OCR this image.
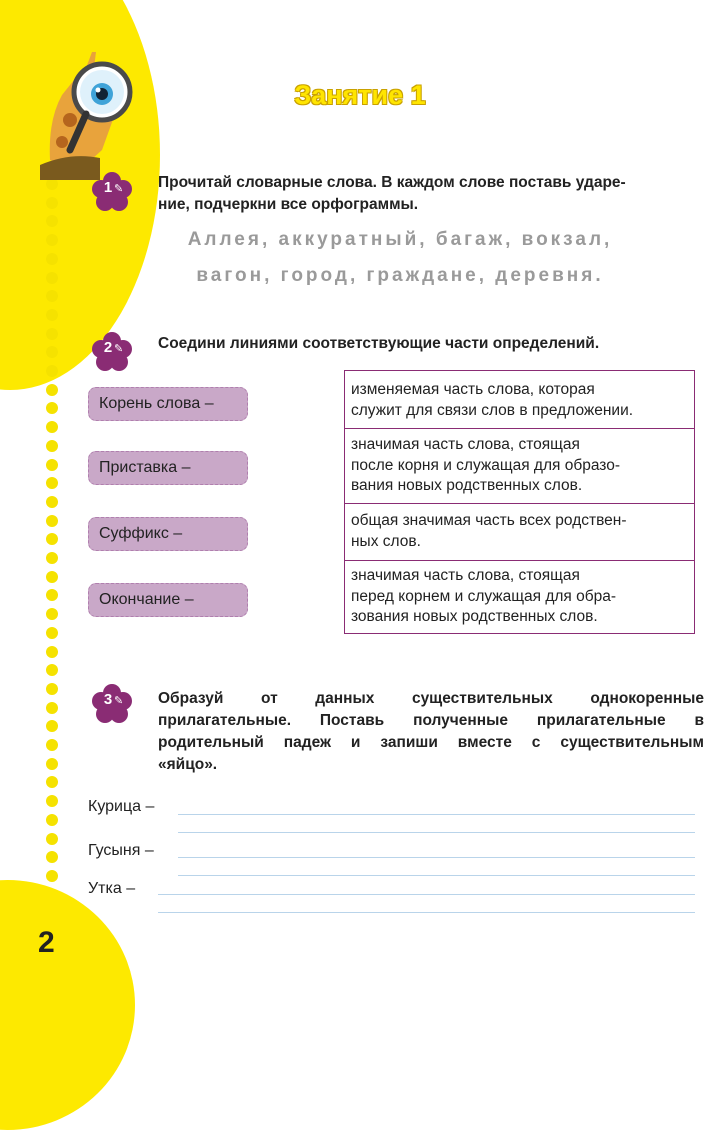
Занятие 1
1 ✎ Прочитай словарные слова. В каждом слове поставь ударе-
ние, подчеркни все орфограммы.
Аллея, аккуратный, багаж, вокзал,
вагон, город, граждане, деревня.
2 ✎ Соедини линиями соответствующие части определений.
Корень слова –
Приставка –
Суффикс –
Окончание –
изменяемая часть слова, которая
служит для связи слов в предложении.
значимая часть слова, стоящая
после корня и служащая для образо-
вания новых родственных слов.
общая значимая часть всех родствен-
ных слов.
значимая часть слова, стоящая
перед корнем и служащая для обра-
зования новых родственных слов.
3 ✎ Образуй от данных существительных однокоренные
прилагательные. Поставь полученные прилагательные в
родительный падеж и запиши вместе с существительным
«яйцо».
Курица –
Гусыня –
Утка –
2
